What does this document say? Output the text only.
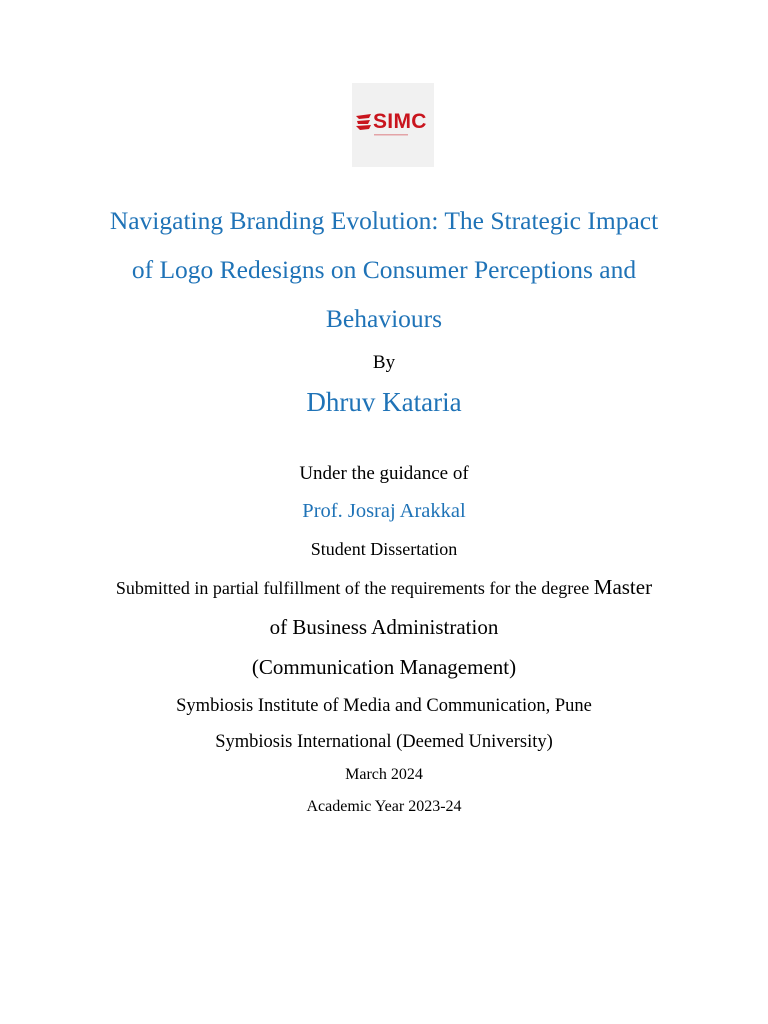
SIMC
Navigating Branding Evolution: The Strategic Impact
of Logo Redesigns on Consumer Perceptions and
Behaviours
By
Dhruv Kataria
Under the guidance of
Prof. Josraj Arakkal
Student Dissertation
Submitted in partial fulfillment of the requirements for the degree Master
of Business Administration
(Communication Management)
Symbiosis Institute of Media and Communication, Pune
Symbiosis International (Deemed University)
March 2024
Academic Year 2023-24
